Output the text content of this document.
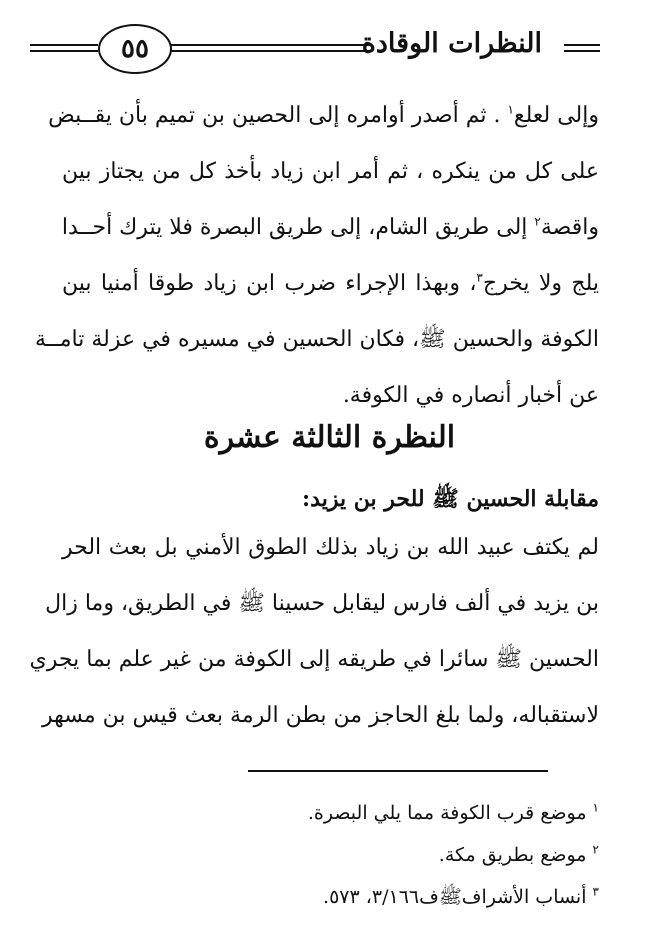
النظرات الوقادة
٥٥
وإلى لعلع$^١$ . ثم أصدر أوامره إلى الحصين بن تميم بأن يقــبض
على كل من ينكره ، ثم أمر ابن زياد بأخذ كل من يجتاز بين
واقصة$^٢$ إلى طريق الشام، إلى طريق البصرة فلا يترك أحــدا
يلج ولا يخرج$^٣$، وبهذا الإجراء ضرب ابن زياد طوقا أمنيا بين
الكوفة والحسين ﷺ، فكان الحسين في مسيره في عزلة تامــة
عن أخبار أنصاره في الكوفة.
النظرة الثالثة عشرة
مقابلة الحسين ﷺ للحر بن يزيد:
لم يكتف عبيد الله بن زياد بذلك الطوق الأمني بل بعث الحر
بن يزيد في ألف فارس ليقابل حسينا ﷺ في الطريق، وما زال
الحسين ﷺ سائرا في طريقه إلى الكوفة من غير علم بما يجري
لاستقباله، ولما بلغ الحاجز من بطن الرمة بعث قيس بن مسهر
$^١$ موضع قرب الكوفة مما يلي البصرة.
$^٢$ موضع بطريق مكة.
$^٣$ أنساب الأشرافﷺف٣/١٦٦، ٥٧٣.
